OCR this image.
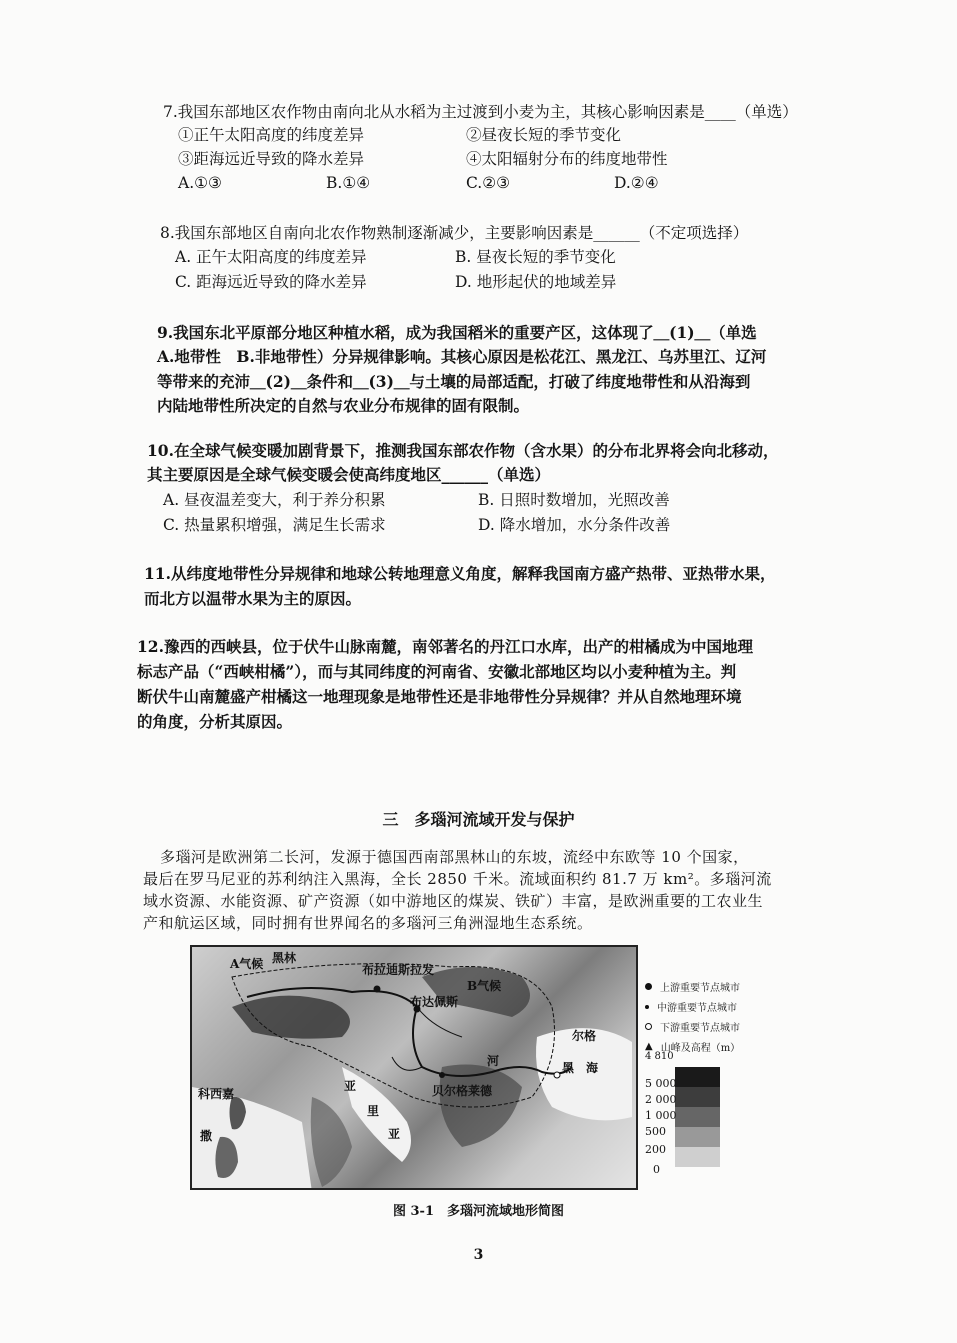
7.我国东部地区农作物由南向北从水稻为主过渡到小麦为主，其核心影响因素是____（单选）
①正午太阳高度的纬度差异	②昼夜长短的季节变化
③距海远近导致的降水差异	④太阳辐射分布的纬度地带性
A.①③	B.①④	C.②③	D.②④
8.我国东部地区自南向北农作物熟制逐渐减少，主要影响因素是______（不定项选择）
A. 正午太阳高度的纬度差异	B. 昼夜长短的季节变化
C. 距海远近导致的降水差异	D. 地形起伏的地域差异
9.我国东北平原部分地区种植水稻，成为我国稻米的重要产区，这体现了＿(1)＿（单选
A.地带性　B.非地带性）分异规律影响。其核心原因是松花江、黑龙江、乌苏里江、辽河
等带来的充沛＿(2)＿条件和＿(3)＿与土壤的局部适配，打破了纬度地带性和从沿海到
内陆地带性所决定的自然与农业分布规律的固有限制。
10.在全球气候变暖加剧背景下，推测我国东部农作物（含水果）的分布北界将会向北移动，
其主要原因是全球气候变暖会使高纬度地区______（单选）
A. 昼夜温差变大，利于养分积累	B. 日照时数增加，光照改善
C. 热量累积增强，满足生长需求	D. 降水增加，水分条件改善
11.从纬度地带性分异规律和地球公转地理意义角度，解释我国南方盛产热带、亚热带水果，
而北方以温带水果为主的原因。
12.豫西的西峡县，位于伏牛山脉南麓，南邻著名的丹江口水库，出产的柑橘成为中国地理
标志产品（“西峡柑橘”），而与其同纬度的河南省、安徽北部地区均以小麦种植为主。判
断伏牛山南麓盛产柑橘这一地理现象是地带性还是非地带性分异规律？并从自然地理环境
的角度，分析其原因。
三　多瑙河流域开发与保护
多瑙河是欧洲第二长河，发源于德国西南部黑林山的东坡，流经中东欧等 10 个国家，
最后在罗马尼亚的苏利纳注入黑海，全长 2850 千米。流域面积约 81.7 万 km²。多瑙河流
域水资源、水能资源、矿产资源（如中游地区的煤炭、铁矿）丰富，是欧洲重要的工农业生
产和航运区域，同时拥有世界闻名的多瑙河三角洲湿地生态系统。
A气候
B气候
黑林
布拉迪斯拉发
布达佩斯
贝尔格莱德
亚
里
亚
科西嘉
撒
黑　海
河
尔格
上游重要节点城市
中游重要节点城市
下游重要节点城市
▲ 山峰及高程（m）
4 810
5 000
2 000
1 000
500
200
0
图 3-1　多瑙河流域地形简图
3
